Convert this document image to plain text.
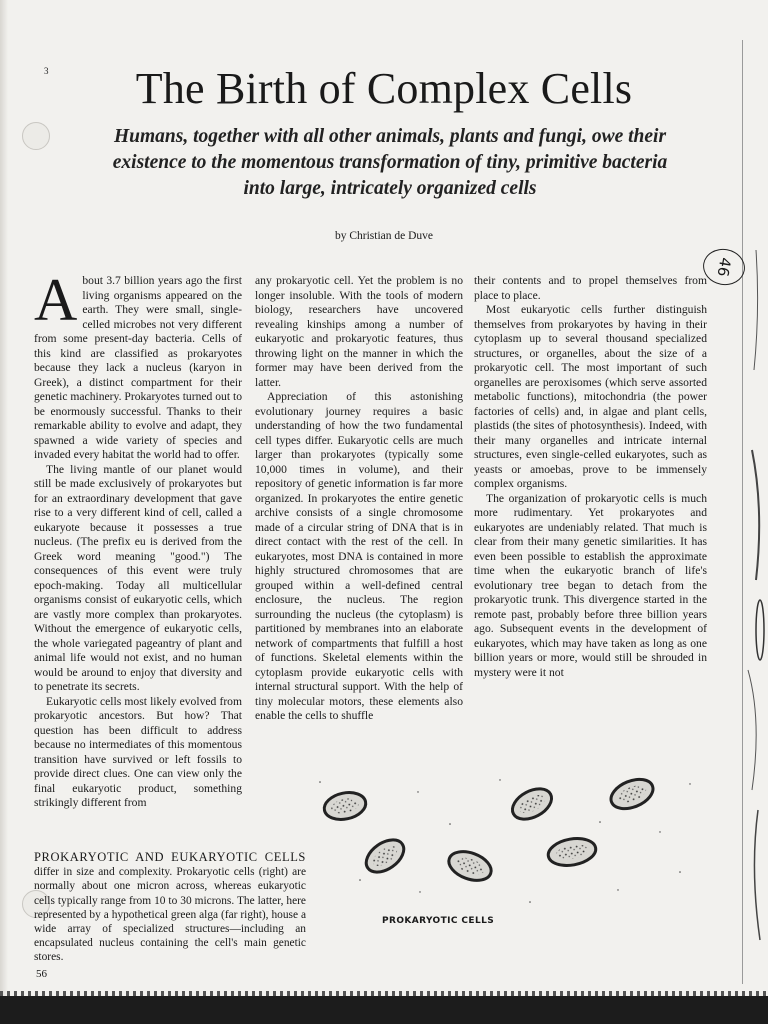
3	The Birth of Complex Cells

Humans, together with all other animals, plants and fungi, owe their existence to the momentous transformation of tiny, primitive bacteria into large, intricately organized cells

by Christian de Duve
46

About 3.7 billion years ago the first living organisms appeared on the earth. They were small, single-celled microbes not very different from some present-day bacteria. Cells of this kind are classified as prokaryotes because they lack a nucleus (karyon in Greek), a distinct compartment for their genetic machinery. Prokaryotes turned out to be enormously successful. Thanks to their remarkable ability to evolve and adapt, they spawned a wide variety of species and invaded every habitat the world had to offer.

The living mantle of our planet would still be made exclusively of prokaryotes but for an extraordinary development that gave rise to a very different kind of cell, called a eukaryote because it possesses a true nucleus. (The prefix eu is derived from the Greek word meaning "good.") The consequences of this event were truly epoch-making. Today all multicellular organisms consist of eukaryotic cells, which are vastly more complex than prokaryotes. Without the emergence of eukaryotic cells, the whole variegated pageantry of plant and animal life would not exist, and no human would be around to enjoy that diversity and to penetrate its secrets.

Eukaryotic cells most likely evolved from prokaryotic ancestors. But how? That question has been difficult to address because no intermediates of this momentous transition have survived or left fossils to provide direct clues. One can view only the final eukaryotic product, something strikingly different from

any prokaryotic cell. Yet the problem is no longer insoluble. With the tools of modern biology, researchers have uncovered revealing kinships among a number of eukaryotic and prokaryotic features, thus throwing light on the manner in which the former may have been derived from the latter.

Appreciation of this astonishing evolutionary journey requires a basic understanding of how the two fundamental cell types differ. Eukaryotic cells are much larger than prokaryotes (typically some 10,000 times in volume), and their repository of genetic information is far more organized. In prokaryotes the entire genetic archive consists of a single chromosome made of a circular string of DNA that is in direct contact with the rest of the cell. In eukaryotes, most DNA is contained in more highly structured chromosomes that are grouped within a well-defined central enclosure, the nucleus. The region surrounding the nucleus (the cytoplasm) is partitioned by membranes into an elaborate network of compartments that fulfill a host of functions. Skeletal elements within the cytoplasm provide eukaryotic cells with internal structural support. With the help of tiny molecular motors, these elements also enable the cells to shuffle

their contents and to propel themselves from place to place.

Most eukaryotic cells further distinguish themselves from prokaryotes by having in their cytoplasm up to several thousand specialized structures, or organelles, about the size of a prokaryotic cell. The most important of such organelles are peroxisomes (which serve assorted metabolic functions), mitochondria (the power factories of cells) and, in algae and plant cells, plastids (the sites of photosynthesis). Indeed, with their many organelles and intricate internal structures, even single-celled eukaryotes, such as yeasts or amoebas, prove to be immensely complex organisms.

The organization of prokaryotic cells is much more rudimentary. Yet prokaryotes and eukaryotes are undeniably related. That much is clear from their many genetic similarities. It has even been possible to establish the approximate time when the eukaryotic branch of life's evolutionary tree began to detach from the prokaryotic trunk. This divergence started in the remote past, probably before three billion years ago. Subsequent events in the development of eukaryotes, which may have taken as long as one billion years or more, would still be shrouded in mystery were it not

PROKARYOTIC AND EUKARYOTIC CELLS differ in size and complexity. Prokaryotic cells (right) are normally about one micron across, whereas eukaryotic cells typically range from 10 to 30 microns. The latter, here represented by a hypothetical green alga (far right), house a wide array of specialized structures—including an encapsulated nucleus containing the cell's main genetic stores.

PROKARYOTIC CELLS

56
